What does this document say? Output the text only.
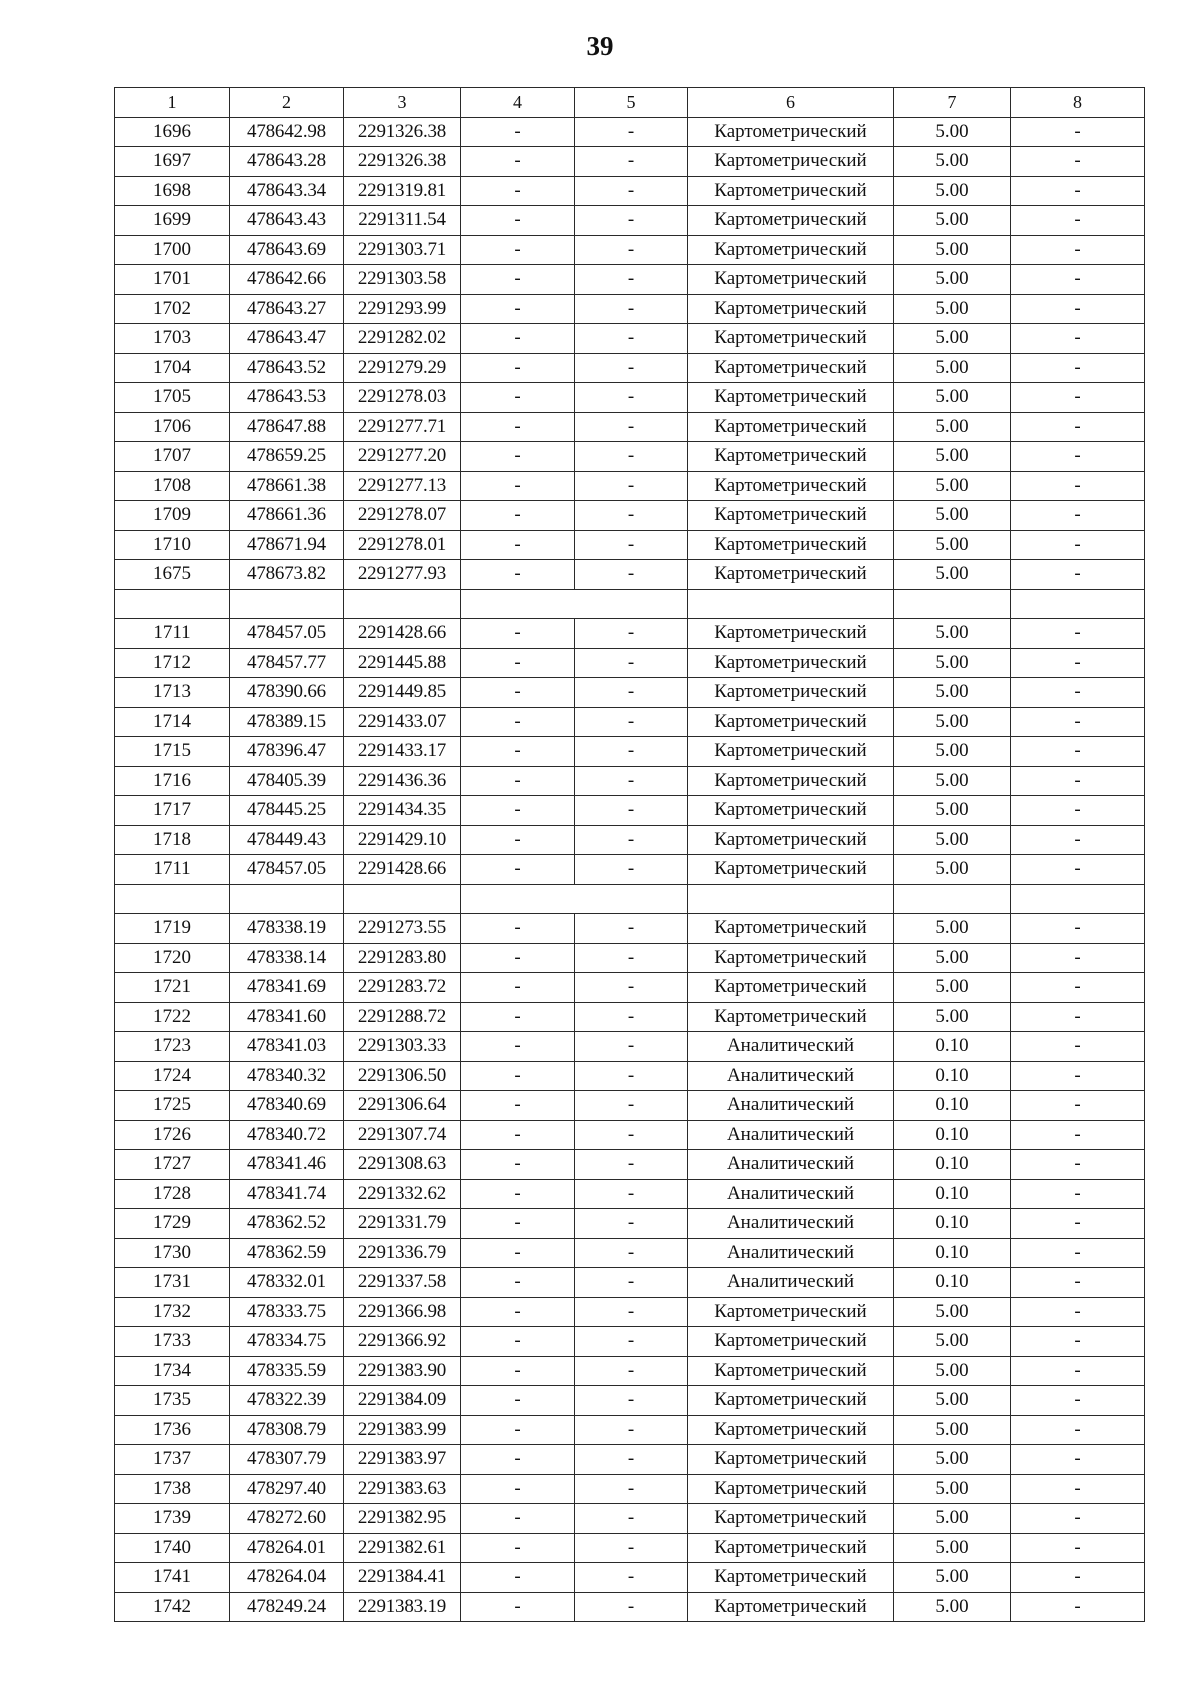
39
1	2	3	4	5	6	7	8
1696	478642.98	2291326.38	-	-	Картометрический	5.00	-
1697	478643.28	2291326.38	-	-	Картометрический	5.00	-
1698	478643.34	2291319.81	-	-	Картометрический	5.00	-
1699	478643.43	2291311.54	-	-	Картометрический	5.00	-
1700	478643.69	2291303.71	-	-	Картометрический	5.00	-
1701	478642.66	2291303.58	-	-	Картометрический	5.00	-
1702	478643.27	2291293.99	-	-	Картометрический	5.00	-
1703	478643.47	2291282.02	-	-	Картометрический	5.00	-
1704	478643.52	2291279.29	-	-	Картометрический	5.00	-
1705	478643.53	2291278.03	-	-	Картометрический	5.00	-
1706	478647.88	2291277.71	-	-	Картометрический	5.00	-
1707	478659.25	2291277.20	-	-	Картометрический	5.00	-
1708	478661.38	2291277.13	-	-	Картометрический	5.00	-
1709	478661.36	2291278.07	-	-	Картометрический	5.00	-
1710	478671.94	2291278.01	-	-	Картометрический	5.00	-
1675	478673.82	2291277.93	-	-	Картометрический	5.00	-

1711	478457.05	2291428.66	-	-	Картометрический	5.00	-
1712	478457.77	2291445.88	-	-	Картометрический	5.00	-
1713	478390.66	2291449.85	-	-	Картометрический	5.00	-
1714	478389.15	2291433.07	-	-	Картометрический	5.00	-
1715	478396.47	2291433.17	-	-	Картометрический	5.00	-
1716	478405.39	2291436.36	-	-	Картометрический	5.00	-
1717	478445.25	2291434.35	-	-	Картометрический	5.00	-
1718	478449.43	2291429.10	-	-	Картометрический	5.00	-
1711	478457.05	2291428.66	-	-	Картометрический	5.00	-

1719	478338.19	2291273.55	-	-	Картометрический	5.00	-
1720	478338.14	2291283.80	-	-	Картометрический	5.00	-
1721	478341.69	2291283.72	-	-	Картометрический	5.00	-
1722	478341.60	2291288.72	-	-	Картометрический	5.00	-
1723	478341.03	2291303.33	-	-	Аналитический	0.10	-
1724	478340.32	2291306.50	-	-	Аналитический	0.10	-
1725	478340.69	2291306.64	-	-	Аналитический	0.10	-
1726	478340.72	2291307.74	-	-	Аналитический	0.10	-
1727	478341.46	2291308.63	-	-	Аналитический	0.10	-
1728	478341.74	2291332.62	-	-	Аналитический	0.10	-
1729	478362.52	2291331.79	-	-	Аналитический	0.10	-
1730	478362.59	2291336.79	-	-	Аналитический	0.10	-
1731	478332.01	2291337.58	-	-	Аналитический	0.10	-
1732	478333.75	2291366.98	-	-	Картометрический	5.00	-
1733	478334.75	2291366.92	-	-	Картометрический	5.00	-
1734	478335.59	2291383.90	-	-	Картометрический	5.00	-
1735	478322.39	2291384.09	-	-	Картометрический	5.00	-
1736	478308.79	2291383.99	-	-	Картометрический	5.00	-
1737	478307.79	2291383.97	-	-	Картометрический	5.00	-
1738	478297.40	2291383.63	-	-	Картометрический	5.00	-
1739	478272.60	2291382.95	-	-	Картометрический	5.00	-
1740	478264.01	2291382.61	-	-	Картометрический	5.00	-
1741	478264.04	2291384.41	-	-	Картометрический	5.00	-
1742	478249.24	2291383.19	-	-	Картометрический	5.00	-
